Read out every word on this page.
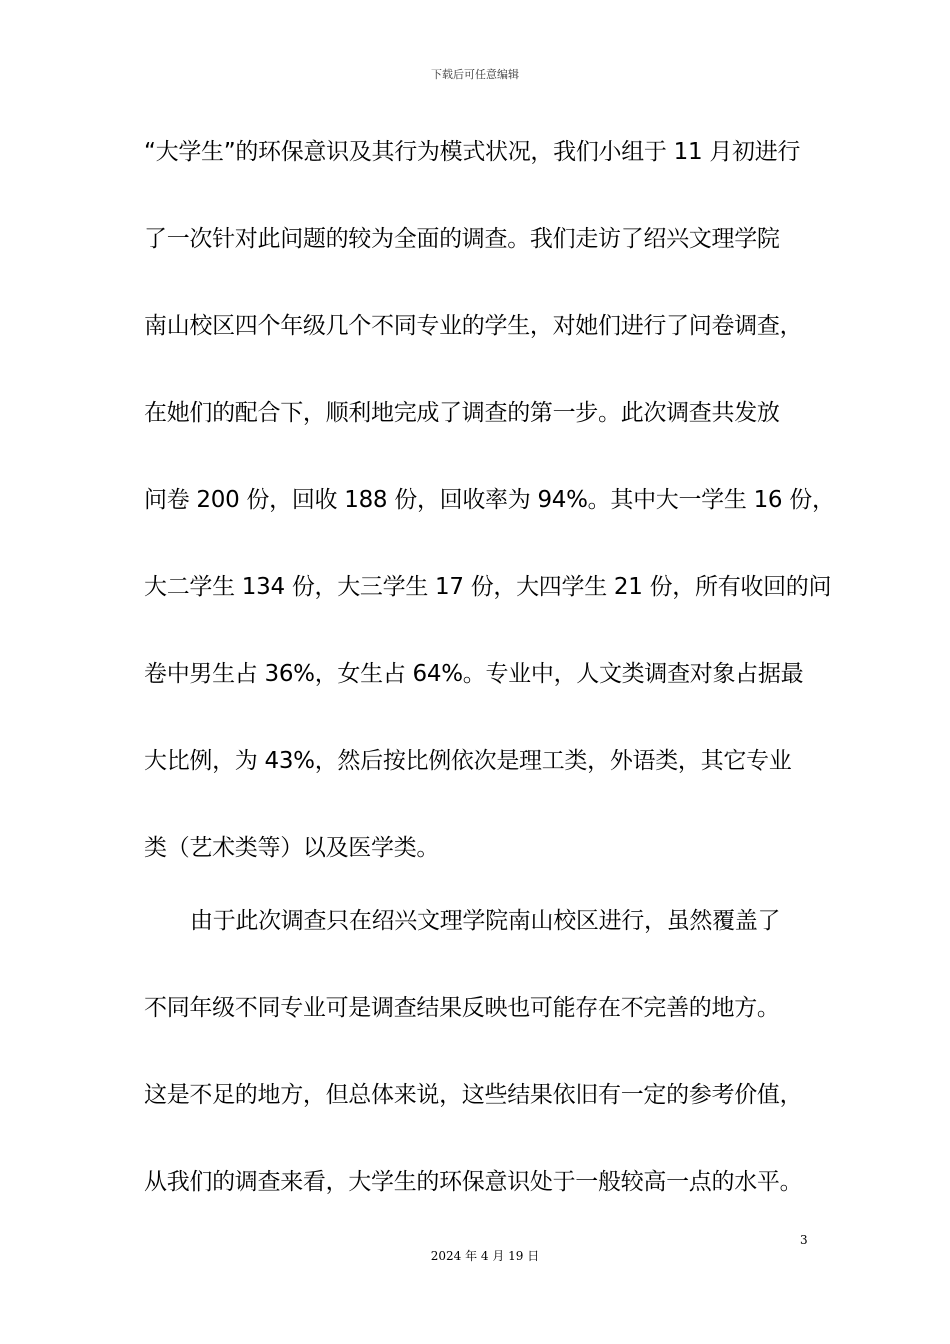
下载后可任意编辑
“大学生”的环保意识及其行为模式状况，我们小组于 11 月初进行
了一次针对此问题的较为全面的调查。我们走访了绍兴文理学院
南山校区四个年级几个不同专业的学生，对她们进行了问卷调查，
在她们的配合下，顺利地完成了调查的第一步。此次调查共发放
问卷 200 份，回收 188 份，回收率为 94%。其中大一学生 16 份，
大二学生 134 份，大三学生 17 份，大四学生 21 份，所有收回的问
卷中男生占 36%，女生占 64%。专业中，人文类调查对象占据最
大比例，为 43%，然后按比例依次是理工类，外语类，其它专业
类（艺术类等）以及医学类。
由于此次调查只在绍兴文理学院南山校区进行，虽然覆盖了
不同年级不同专业可是调查结果反映也可能存在不完善的地方。
这是不足的地方，但总体来说，这些结果依旧有一定的参考价值，
从我们的调查来看，大学生的环保意识处于一般较高一点的水平。
3
2024 年 4 月 19 日
